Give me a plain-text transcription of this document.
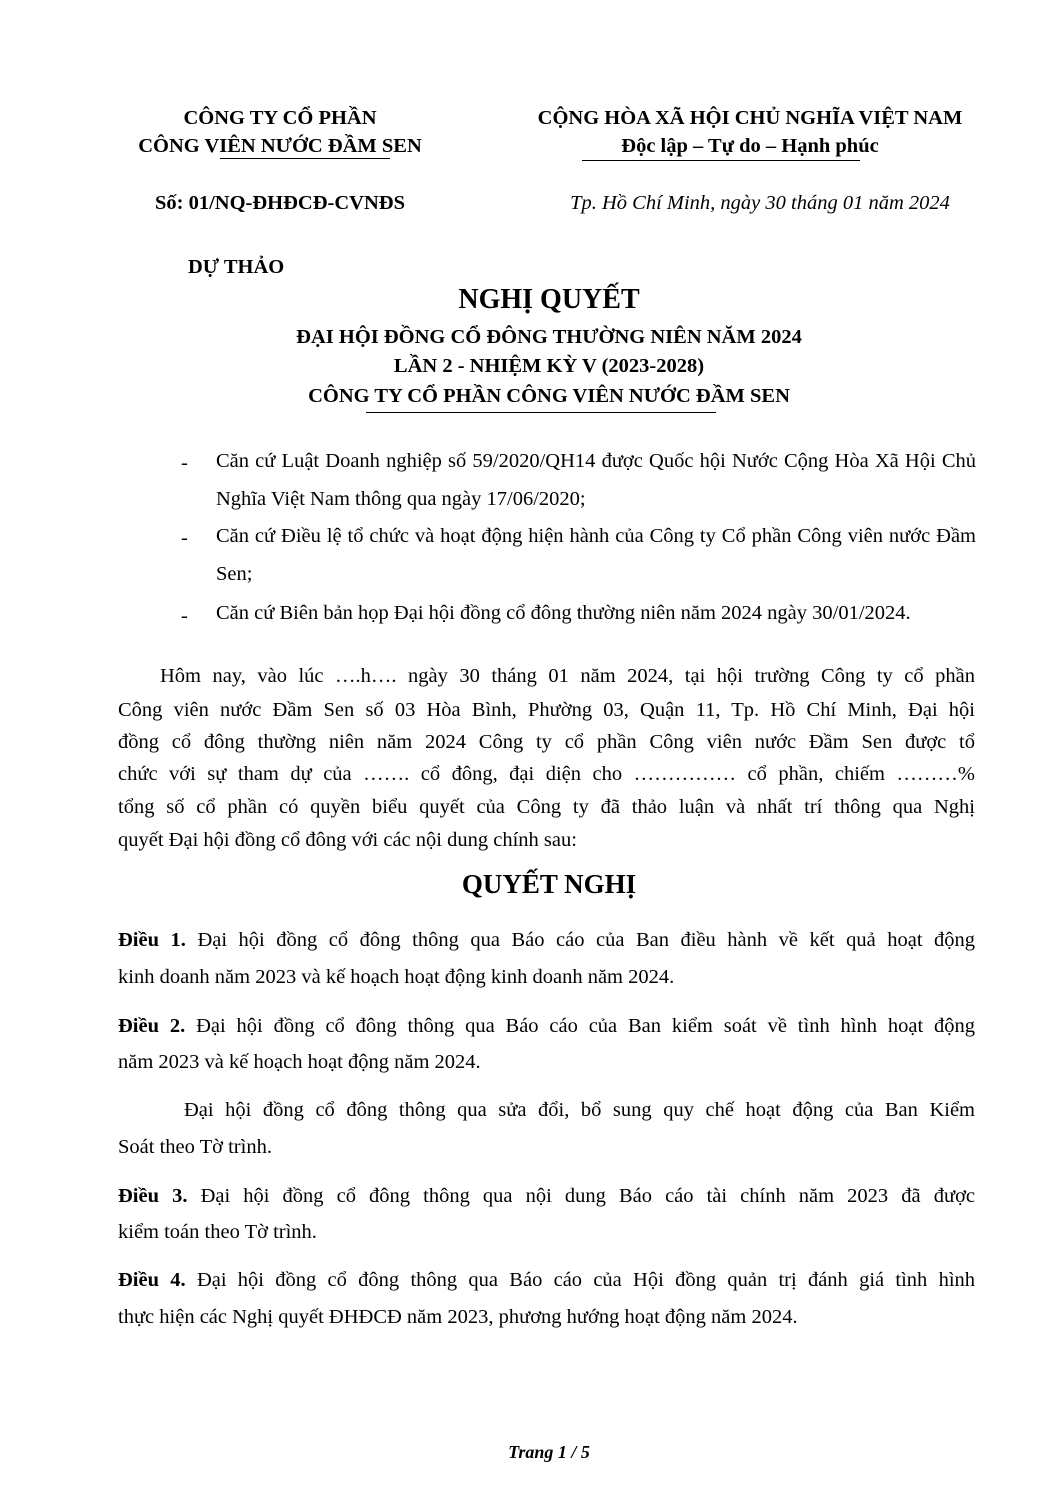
CÔNG TY CỔ PHẦN
CÔNG VIÊN NƯỚC ĐẦM SEN
CỘNG HÒA XÃ HỘI CHỦ NGHĨA VIỆT NAM
Độc lập – Tự do – Hạnh phúc
Số: 01/NQ-ĐHĐCĐ-CVNĐS	Tp. Hồ Chí Minh, ngày 30 tháng 01 năm 2024
DỰ THẢO
NGHỊ QUYẾT
ĐẠI HỘI ĐỒNG CỔ ĐÔNG THƯỜNG NIÊN NĂM 2024
LẦN 2 - NHIỆM KỲ V (2023-2028)
CÔNG TY CỔ PHẦN CÔNG VIÊN NƯỚC ĐẦM SEN
- Căn cứ Luật Doanh nghiệp số 59/2020/QH14 được Quốc hội Nước Cộng Hòa Xã Hội Chủ Nghĩa Việt Nam thông qua ngày 17/06/2020;
- Căn cứ Điều lệ tổ chức và hoạt động hiện hành của Công ty Cổ phần Công viên nước Đầm Sen;
- Căn cứ Biên bản họp Đại hội đồng cổ đông thường niên năm 2024 ngày 30/01/2024.
Hôm nay, vào lúc ….h…. ngày 30 tháng 01 năm 2024, tại hội trường Công ty cổ phần
Công viên nước Đầm Sen số 03 Hòa Bình, Phường 03, Quận 11, Tp. Hồ Chí Minh, Đại hội
đồng cổ đông thường niên năm 2024 Công ty cổ phần Công viên nước Đầm Sen được tổ
chức với sự tham dự của ……. cổ đông, đại diện cho …………… cổ phần, chiếm ………%
tổng số cổ phần có quyền biểu quyết của Công ty đã thảo luận và nhất trí thông qua Nghị
quyết Đại hội đồng cổ đông với các nội dung chính sau:
QUYẾT NGHỊ
Điều 1. Đại hội đồng cổ đông thông qua Báo cáo của Ban điều hành về kết quả hoạt động
kinh doanh năm 2023 và kế hoạch hoạt động kinh doanh năm 2024.
Điều 2. Đại hội đồng cổ đông thông qua Báo cáo của Ban kiểm soát về tình hình hoạt động
năm 2023 và kế hoạch hoạt động năm 2024.
Đại hội đồng cổ đông thông qua sửa đổi, bổ sung quy chế hoạt động của Ban Kiểm
Soát theo Tờ trình.
Điều 3. Đại hội đồng cổ đông thông qua nội dung Báo cáo tài chính năm 2023 đã được
kiểm toán theo Tờ trình.
Điều 4. Đại hội đồng cổ đông thông qua Báo cáo của Hội đồng quản trị đánh giá tình hình
thực hiện các Nghị quyết ĐHĐCĐ năm 2023, phương hướng hoạt động năm 2024.
Trang 1 / 5
